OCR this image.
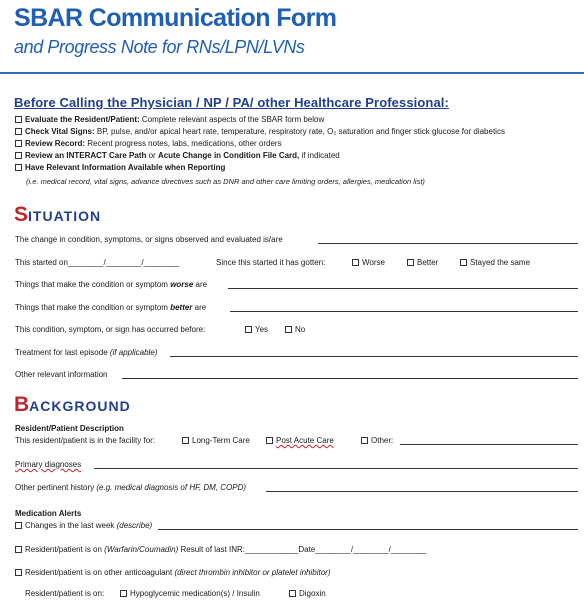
SBAR Communication Form
and Progress Note for RNs/LPN/LVNs
Before Calling the Physician / NP / PA/ other Healthcare Professional:
Evaluate the Resident/Patient: Complete relevant aspects of the SBAR form below
Check Vital Signs: BP, pulse, and/or apical heart rate, temperature, respiratory rate, O₂ saturation and finger stick glucose for diabetics
Review Record: Recent progress notes, labs, medications, other orders
Review an INTERACT Care Path or Acute Change in Condition File Card, if indicated
Have Relevant Information Available when Reporting
(i.e. medical record, vital signs, advance directives such as DNR and other care limiting orders, allergies, medication list)
SITUATION
The change in condition, symptoms, or signs observed and evaluated is/are
This started on________/________/________	Since this started it has gotten:	Worse	Better	Stayed the same
Things that make the condition or symptom worse are
Things that make the condition or symptom better are
This condition, symptom, or sign has occurred before:	Yes	No
Treatment for last episode (if applicable)
Other relevant information
BACKGROUND
Resident/Patient Description
This resident/patient is in the facility for:	Long-Term Care	Post Acute Care	Other:
Primary diagnoses
Other pertinent history (e.g. medical diagnosis of HF, DM, COPD)
Medication Alerts
Changes in the last week (describe)
Resident/patient is on (Warfarin/Coumadin) Result of last INR:____________Date________/________/________
Resident/patient is on other anticoagulant (direct thrombin inhibitor or platelet inhibitor)
Resident/patient is on:	Hypoglycemic medication(s) / Insulin	Digoxin
